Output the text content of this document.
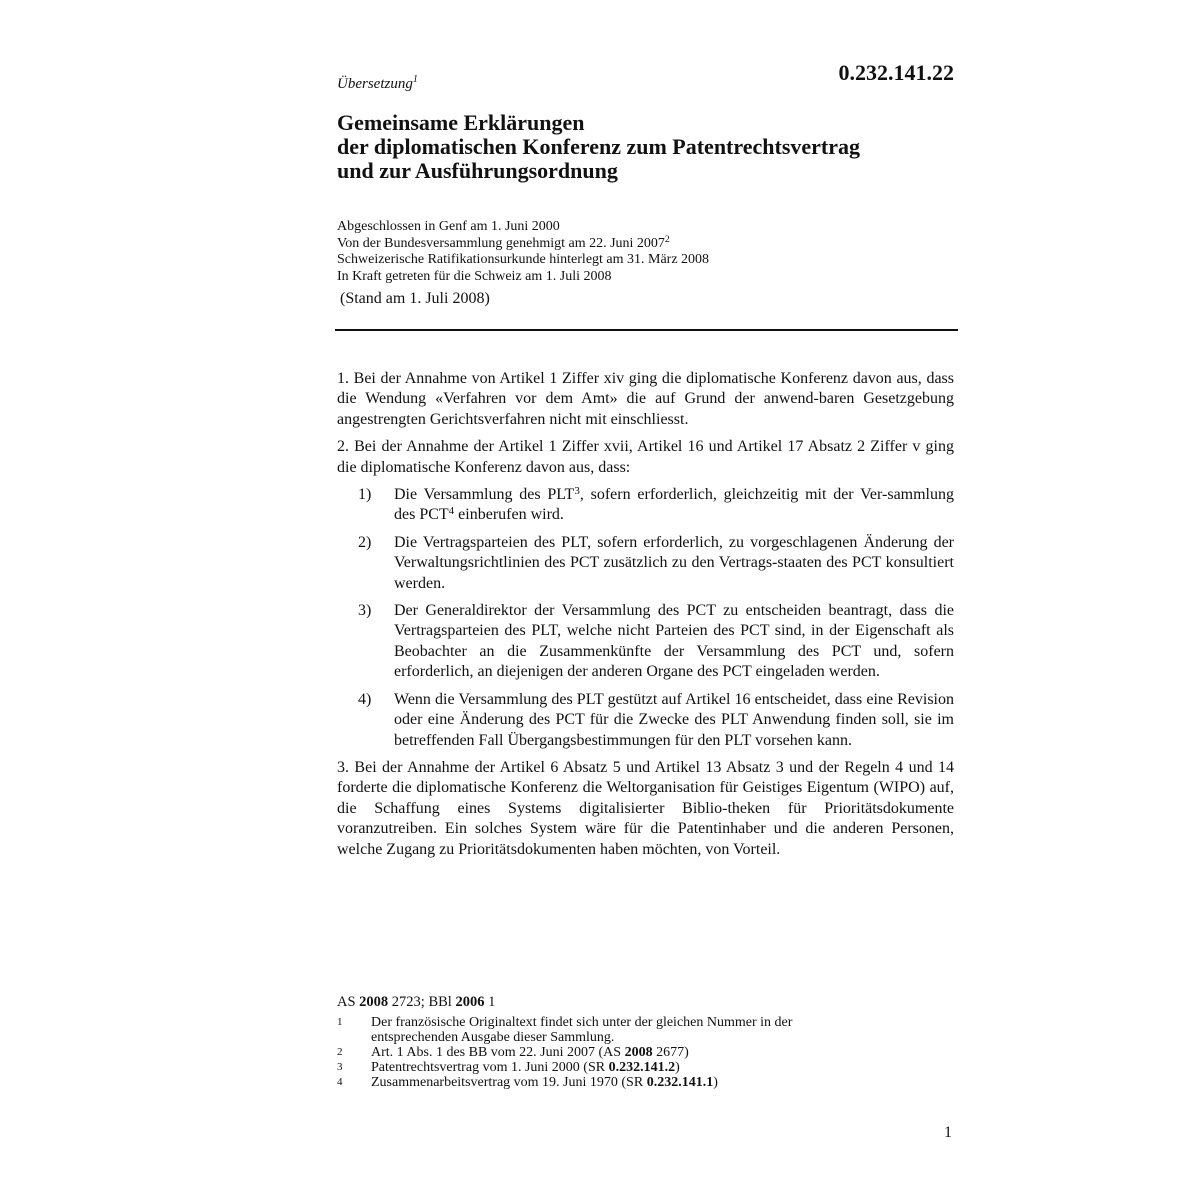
0.232.141.22
Übersetzung$^1$
Gemeinsame Erklärungen
der diplomatischen Konferenz zum Patentrechtsvertrag
und zur Ausführungsordnung
Abgeschlossen in Genf am 1. Juni 2000
Von der Bundesversammlung genehmigt am 22. Juni 2007$^2$
Schweizerische Ratifikationsurkunde hinterlegt am 31. März 2008
In Kraft getreten für die Schweiz am 1. Juli 2008
(Stand am 1. Juli 2008)

1. Bei der Annahme von Artikel 1 Ziffer xiv ging die diplomatische Konferenz davon aus, dass die Wendung «Verfahren vor dem Amt» die auf Grund der anwend-baren Gesetzgebung angestrengten Gerichtsverfahren nicht mit einschliesst.

2. Bei der Annahme der Artikel 1 Ziffer xvii, Artikel 16 und Artikel 17 Absatz 2 Ziffer v ging die diplomatische Konferenz davon aus, dass:

1)	Die Versammlung des PLT$^3$, sofern erforderlich, gleichzeitig mit der Ver-sammlung des PCT$^4$ einberufen wird.
2)	Die Vertragsparteien des PLT, sofern erforderlich, zu vorgeschlagenen Änderung der Verwaltungsrichtlinien des PCT zusätzlich zu den Vertrags-staaten des PCT konsultiert werden.
3)	Der Generaldirektor der Versammlung des PCT zu entscheiden beantragt, dass die Vertragsparteien des PLT, welche nicht Parteien des PCT sind, in der Eigenschaft als Beobachter an die Zusammenkünfte der Versammlung des PCT und, sofern erforderlich, an diejenigen der anderen Organe des PCT eingeladen werden.
4)	Wenn die Versammlung des PLT gestützt auf Artikel 16 entscheidet, dass eine Revision oder eine Änderung des PCT für die Zwecke des PLT Anwendung finden soll, sie im betreffenden Fall Übergangsbestimmungen für den PLT vorsehen kann.

3. Bei der Annahme der Artikel 6 Absatz 5 und Artikel 13 Absatz 3 und der Regeln 4 und 14 forderte die diplomatische Konferenz die Weltorganisation für Geistiges Eigentum (WIPO) auf, die Schaffung eines Systems digitalisierter Biblio-theken für Prioritätsdokumente voranzutreiben. Ein solches System wäre für die Patentinhaber und die anderen Personen, welche Zugang zu Prioritätsdokumenten haben möchten, von Vorteil.

AS 2008 2723; BBl 2006 1
1	Der französische Originaltext findet sich unter der gleichen Nummer in der entsprechenden Ausgabe dieser Sammlung.
2	Art. 1 Abs. 1 des BB vom 22. Juni 2007 (AS 2008 2677)
3	Patentrechtsvertrag vom 1. Juni 2000 (SR 0.232.141.2)
4	Zusammenarbeitsvertrag vom 19. Juni 1970 (SR 0.232.141.1)
1
